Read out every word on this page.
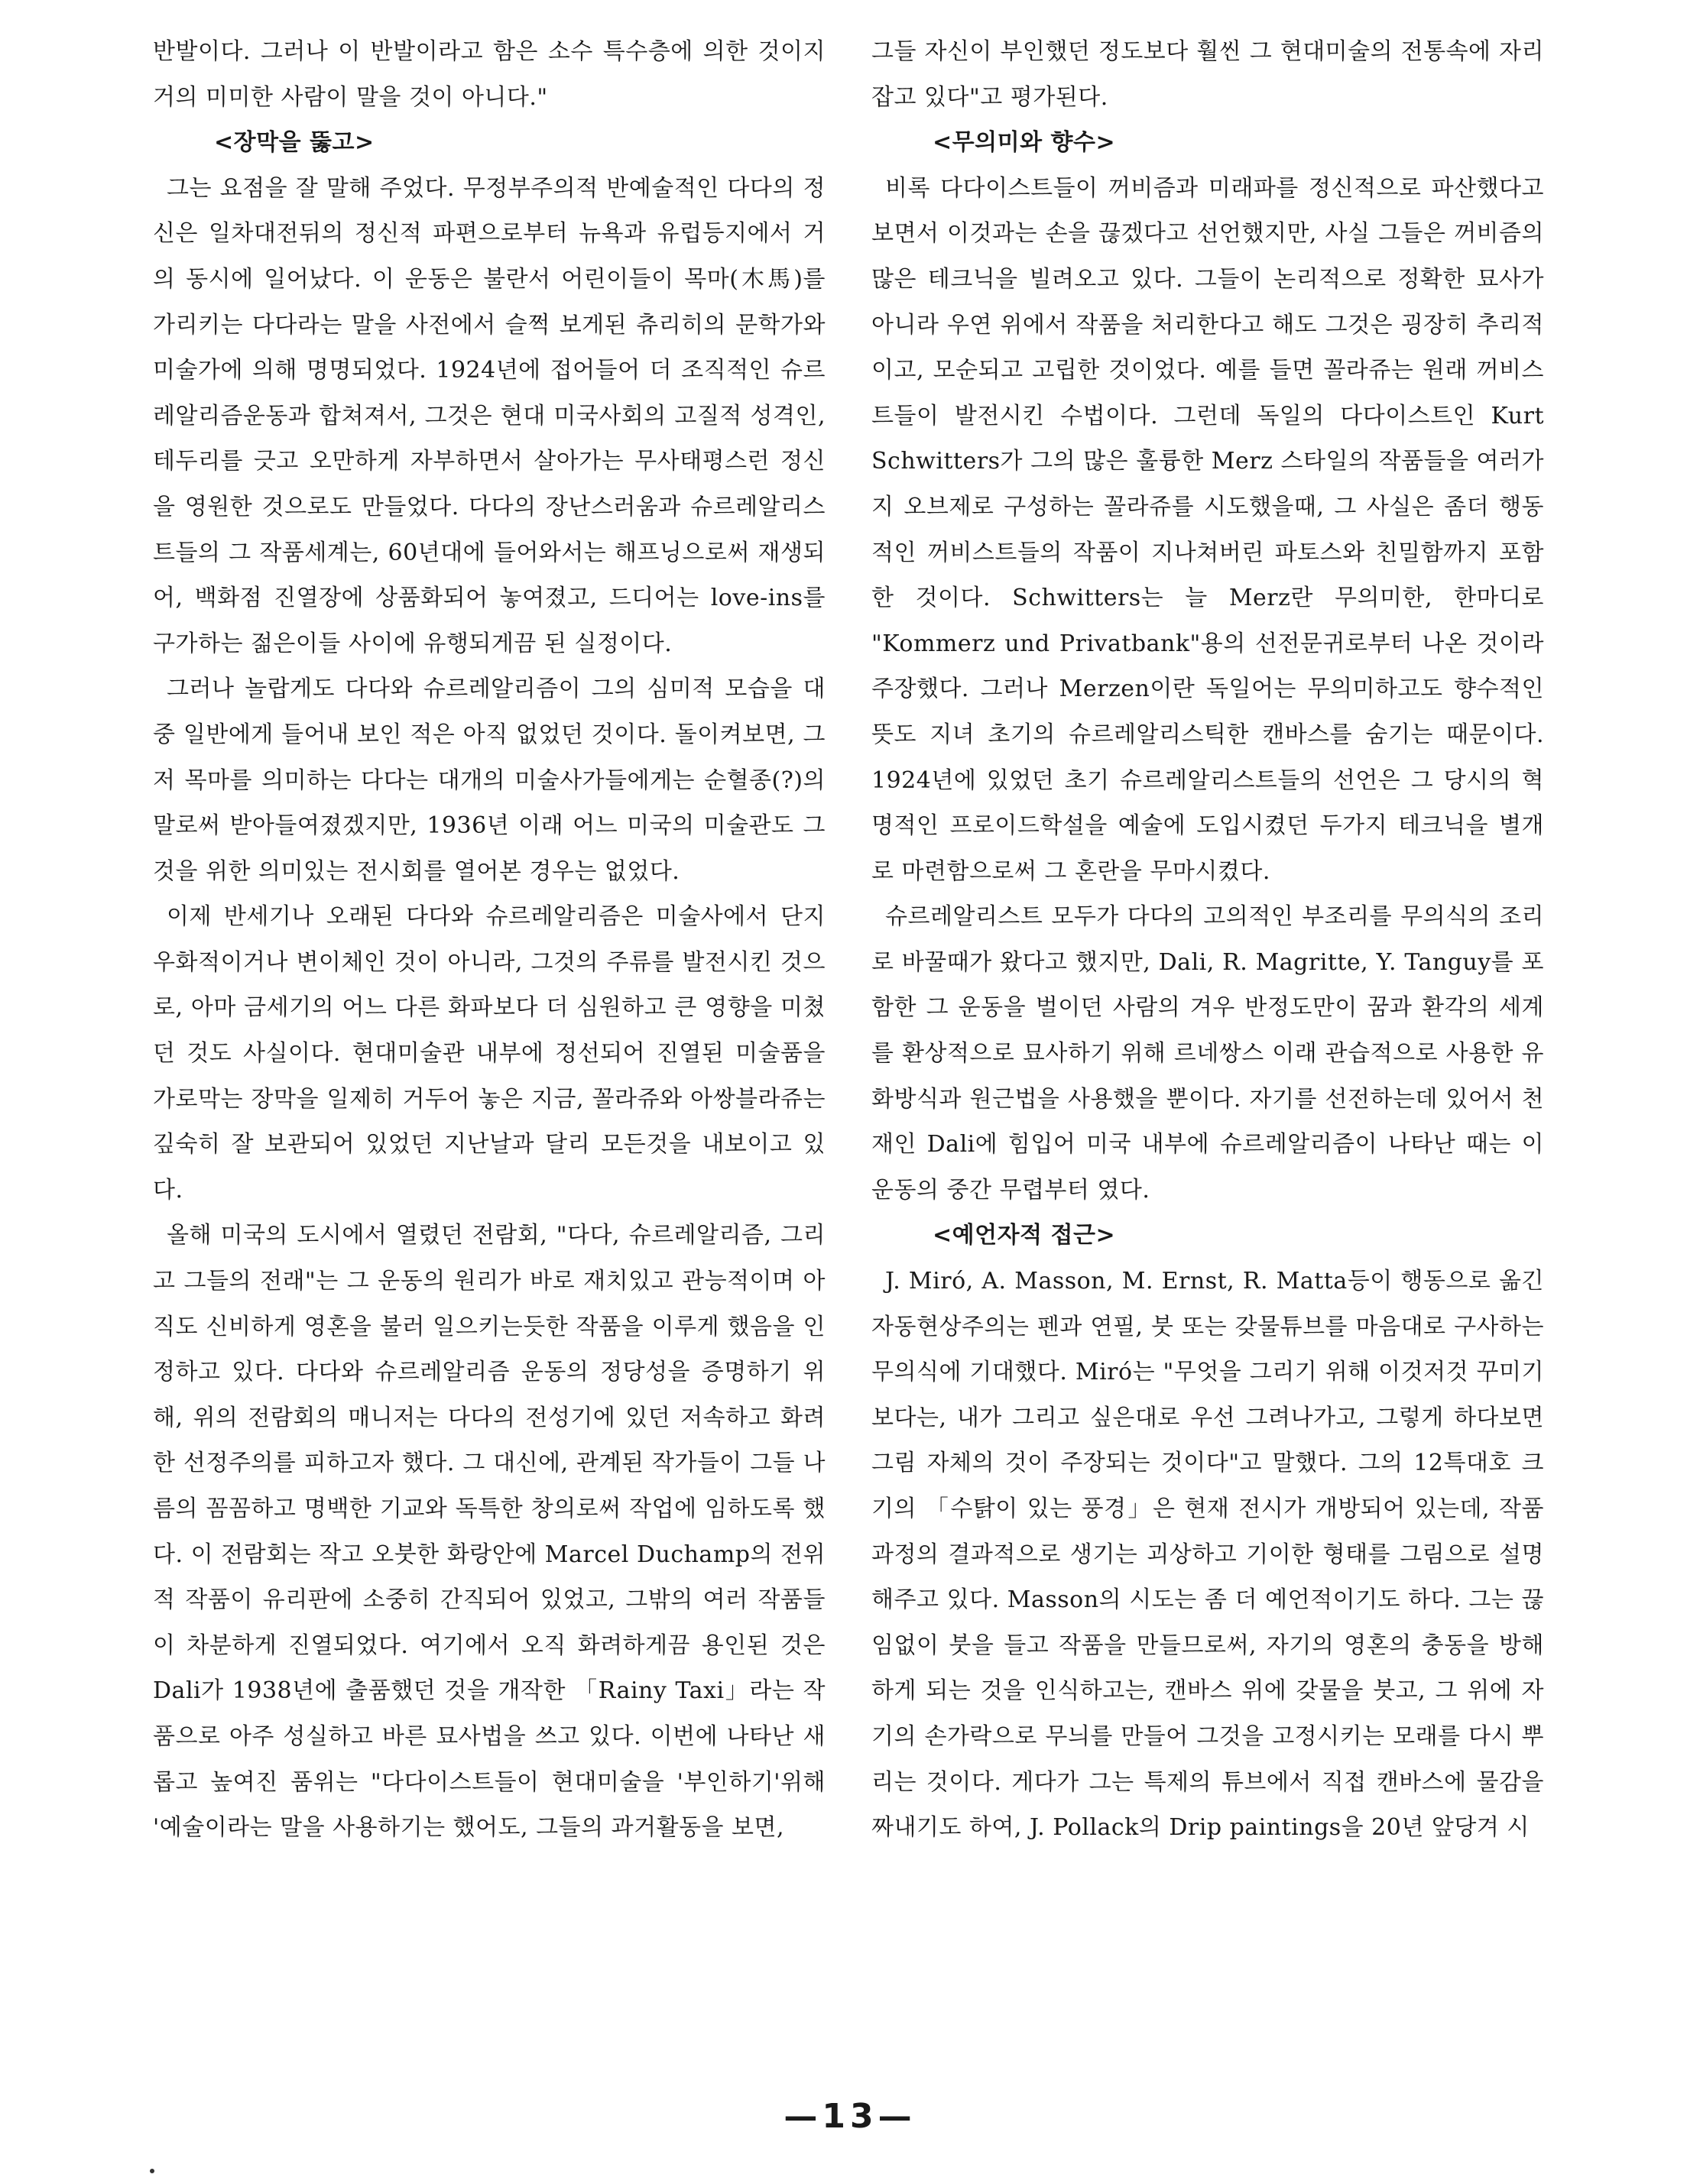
반발이다. 그러나 이 반발이라고 함은 소수 특수층에 의한 것이지 거의 미미한 사람이 말을 것이 아니다."

<장막을 뚫고>

그는 요점을 잘 말해 주었다. 무정부주의적 반예술적인 다다의 정신은 일차대전뒤의 정신적 파편으로부터 뉴욕과 유럽등지에서 거의 동시에 일어났다. 이 운동은 불란서 어린이들이 목마(木馬)를 가리키는 다다라는 말을 사전에서 슬쩍 보게된 츄리히의 문학가와 미술가에 의해 명명되었다. 1924년에 접어들어 더 조직적인 슈르레알리즘운동과 합쳐져서, 그것은 현대 미국사회의 고질적 성격인, 테두리를 긋고 오만하게 자부하면서 살아가는 무사태평스런 정신을 영원한 것으로도 만들었다. 다다의 장난스러움과 슈르레알리스트들의 그 작품세계는, 60년대에 들어와서는 해프닝으로써 재생되어, 백화점 진열장에 상품화되어 놓여졌고, 드디어는 love-ins를 구가하는 젊은이들 사이에 유행되게끔 된 실정이다.

그러나 놀랍게도 다다와 슈르레알리즘이 그의 심미적 모습을 대중 일반에게 들어내 보인 적은 아직 없었던 것이다. 돌이켜보면, 그저 목마를 의미하는 다다는 대개의 미술사가들에게는 순혈종(?)의 말로써 받아들여졌겠지만, 1936년 이래 어느 미국의 미술관도 그것을 위한 의미있는 전시회를 열어본 경우는 없었다.

이제 반세기나 오래된 다다와 슈르레알리즘은 미술사에서 단지 우화적이거나 변이체인 것이 아니라, 그것의 주류를 발전시킨 것으로, 아마 금세기의 어느 다른 화파보다 더 심원하고 큰 영향을 미쳤던 것도 사실이다. 현대미술관 내부에 정선되어 진열된 미술품을 가로막는 장막을 일제히 거두어 놓은 지금, 꼴라쥬와 아쌍블라쥬는 깊숙히 잘 보관되어 있었던 지난날과 달리 모든것을 내보이고 있다.

올해 미국의 도시에서 열렸던 전람회, "다다, 슈르레알리즘, 그리고 그들의 전래"는 그 운동의 원리가 바로 재치있고 관능적이며 아직도 신비하게 영혼을 불러 일으키는듯한 작품을 이루게 했음을 인정하고 있다. 다다와 슈르레알리즘 운동의 정당성을 증명하기 위해, 위의 전람회의 매니저는 다다의 전성기에 있던 저속하고 화려한 선정주의를 피하고자 했다. 그 대신에, 관계된 작가들이 그들 나름의 꼼꼼하고 명백한 기교와 독특한 창의로써 작업에 임하도록 했다. 이 전람회는 작고 오붓한 화랑안에 Marcel Duchamp의 전위적 작품이 유리판에 소중히 간직되어 있었고, 그밖의 여러 작품들이 차분하게 진열되었다. 여기에서 오직 화려하게끔 용인된 것은 Dali가 1938년에 출품했던 것을 개작한 「Rainy Taxi」라는 작품으로 아주 성실하고 바른 묘사법을 쓰고 있다. 이번에 나타난 새롭고 높여진 품위는 "다다이스트들이 현대미술을 '부인하기'위해 '예술이라는 말을 사용하기는 했어도, 그들의 과거활동을 보면,

그들 자신이 부인했던 정도보다 훨씬 그 현대미술의 전통속에 자리잡고 있다"고 평가된다.

<무의미와 향수>

비록 다다이스트들이 꺼비즘과 미래파를 정신적으로 파산했다고 보면서 이것과는 손을 끊겠다고 선언했지만, 사실 그들은 꺼비즘의 많은 테크닉을 빌려오고 있다. 그들이 논리적으로 정확한 묘사가 아니라 우연 위에서 작품을 처리한다고 해도 그것은 굉장히 추리적이고, 모순되고 고립한 것이었다. 예를 들면 꼴라쥬는 원래 꺼비스트들이 발전시킨 수법이다. 그런데 독일의 다다이스트인 Kurt Schwitters가 그의 많은 훌륭한 Merz 스타일의 작품들을 여러가지 오브제로 구성하는 꼴라쥬를 시도했을때, 그 사실은 좀더 행동적인 꺼비스트들의 작품이 지나쳐버린 파토스와 친밀함까지 포함한 것이다. Schwitters는 늘 Merz란 무의미한, 한마디로 "Kommerz und Privatbank"용의 선전문귀로부터 나온 것이라 주장했다. 그러나 Merzen이란 독일어는 무의미하고도 향수적인 뜻도 지녀 초기의 슈르레알리스틱한 캔바스를 숨기는 때문이다. 1924년에 있었던 초기 슈르레알리스트들의 선언은 그 당시의 혁명적인 프로이드학설을 예술에 도입시켰던 두가지 테크닉을 별개로 마련함으로써 그 혼란을 무마시켰다.

슈르레알리스트 모두가 다다의 고의적인 부조리를 무의식의 조리로 바꿀때가 왔다고 했지만, Dali, R. Magritte, Y. Tanguy를 포함한 그 운동을 벌이던 사람의 겨우 반정도만이 꿈과 환각의 세계를 환상적으로 묘사하기 위해 르네쌍스 이래 관습적으로 사용한 유화방식과 원근법을 사용했을 뿐이다. 자기를 선전하는데 있어서 천재인 Dali에 힘입어 미국 내부에 슈르레알리즘이 나타난 때는 이 운동의 중간 무렵부터 였다.

<예언자적 접근>

J. Miró, A. Masson, M. Ernst, R. Matta등이 행동으로 옮긴 자동현상주의는 펜과 연필, 붓 또는 갖물튜브를 마음대로 구사하는 무의식에 기대했다. Miró는 "무엇을 그리기 위해 이것저것 꾸미기보다는, 내가 그리고 싶은대로 우선 그려나가고, 그렇게 하다보면 그림 자체의 것이 주장되는 것이다"고 말했다. 그의 12특대호 크기의 「수탉이 있는 풍경」은 현재 전시가 개방되어 있는데, 작품 과정의 결과적으로 생기는 괴상하고 기이한 형태를 그림으로 설명해주고 있다. Masson의 시도는 좀 더 예언적이기도 하다. 그는 끊임없이 붓을 들고 작품을 만들므로써, 자기의 영혼의 충동을 방해하게 되는 것을 인식하고는, 캔바스 위에 갖물을 붓고, 그 위에 자기의 손가락으로 무늬를 만들어 그것을 고정시키는 모래를 다시 뿌리는 것이다. 게다가 그는 특제의 튜브에서 직접 캔바스에 물감을 짜내기도 하여, J. Pollack의 Drip paintings을 20년 앞당겨 시

—13—
